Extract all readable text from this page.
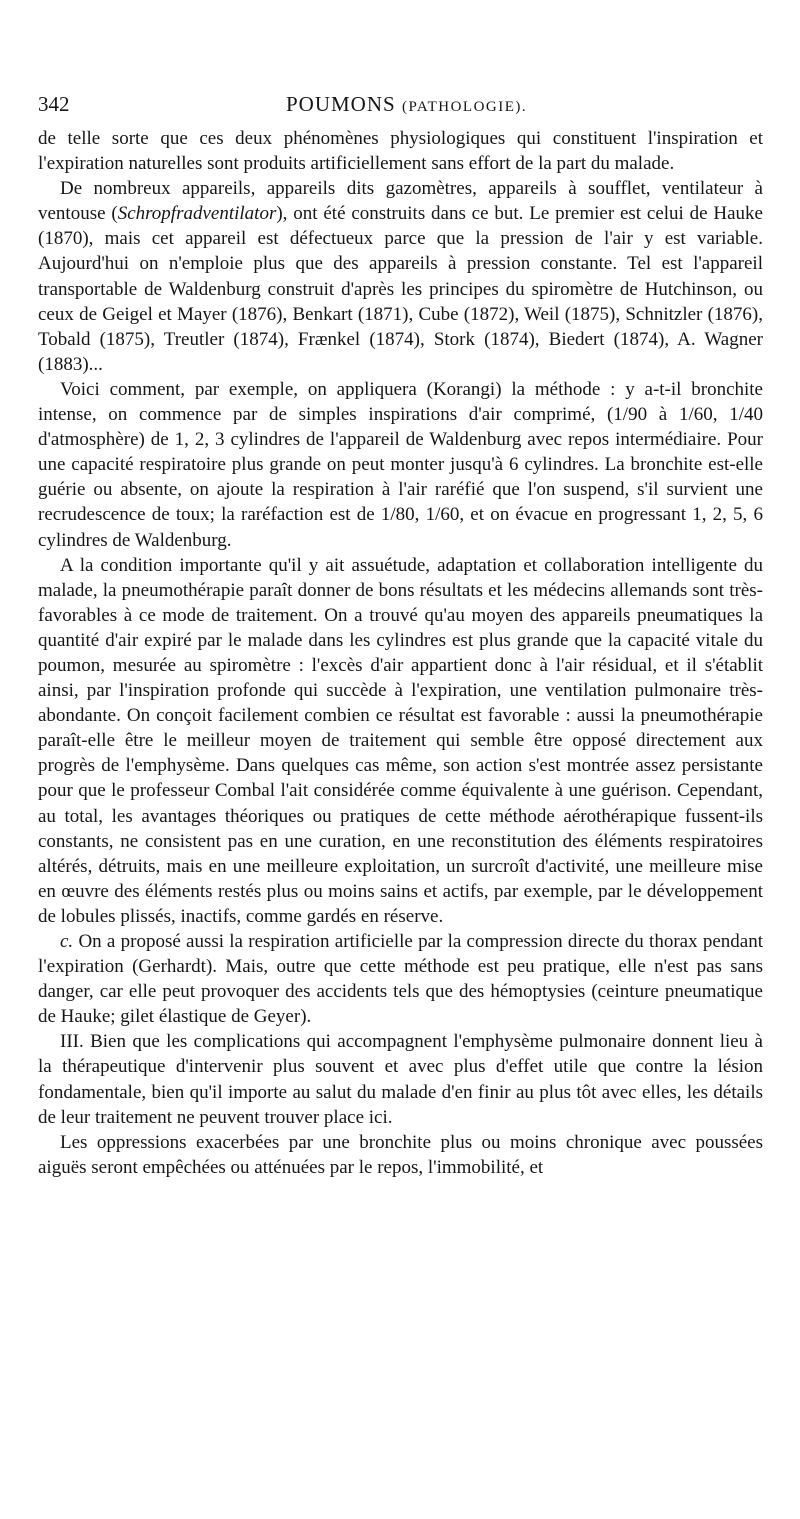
342	POUMONS (PATHOLOGIE).

de telle sorte que ces deux phénomènes physiologiques qui constituent l'inspiration et l'expiration naturelles sont produits artificiellement sans effort de la part du malade.

De nombreux appareils, appareils dits gazomètres, appareils à soufflet, ventilateur à ventouse (Schropfradventilator), ont été construits dans ce but. Le premier est celui de Hauke (1870), mais cet appareil est défectueux parce que la pression de l'air y est variable. Aujourd'hui on n'emploie plus que des appareils à pression constante. Tel est l'appareil transportable de Waldenburg construit d'après les principes du spiromètre de Hutchinson, ou ceux de Geigel et Mayer (1876), Benkart (1871), Cube (1872), Weil (1875), Schnitzler (1876), Tobald (1875), Treutler (1874), Frænkel (1874), Stork (1874), Biedert (1874), A. Wagner (1883)...

Voici comment, par exemple, on appliquera (Korangi) la méthode : y a-t-il bronchite intense, on commence par de simples inspirations d'air comprimé, (1/90 à 1/60, 1/40 d'atmosphère) de 1, 2, 3 cylindres de l'appareil de Waldenburg avec repos intermédiaire. Pour une capacité respiratoire plus grande on peut monter jusqu'à 6 cylindres. La bronchite est-elle guérie ou absente, on ajoute la respiration à l'air raréfié que l'on suspend, s'il survient une recrudescence de toux; la raréfaction est de 1/80, 1/60, et on évacue en progressant 1, 2, 5, 6 cylindres de Waldenburg.

A la condition importante qu'il y ait assuétude, adaptation et collaboration intelligente du malade, la pneumothérapie paraît donner de bons résultats et les médecins allemands sont très-favorables à ce mode de traitement. On a trouvé qu'au moyen des appareils pneumatiques la quantité d'air expiré par le malade dans les cylindres est plus grande que la capacité vitale du poumon, mesurée au spiromètre : l'excès d'air appartient donc à l'air résidual, et il s'établit ainsi, par l'inspiration profonde qui succède à l'expiration, une ventilation pulmonaire très-abondante. On conçoit facilement combien ce résultat est favorable : aussi la pneumothérapie paraît-elle être le meilleur moyen de traitement qui semble être opposé directement aux progrès de l'emphysème. Dans quelques cas même, son action s'est montrée assez persistante pour que le professeur Combal l'ait considérée comme équivalente à une guérison. Cependant, au total, les avantages théoriques ou pratiques de cette méthode aérothérapique fussent-ils constants, ne consistent pas en une curation, en une reconstitution des éléments respiratoires altérés, détruits, mais en une meilleure exploitation, un surcroît d'activité, une meilleure mise en œuvre des éléments restés plus ou moins sains et actifs, par exemple, par le développement de lobules plissés, inactifs, comme gardés en réserve.

c. On a proposé aussi la respiration artificielle par la compression directe du thorax pendant l'expiration (Gerhardt). Mais, outre que cette méthode est peu pratique, elle n'est pas sans danger, car elle peut provoquer des accidents tels que des hémoptysies (ceinture pneumatique de Hauke; gilet élastique de Geyer).

III. Bien que les complications qui accompagnent l'emphysème pulmonaire donnent lieu à la thérapeutique d'intervenir plus souvent et avec plus d'effet utile que contre la lésion fondamentale, bien qu'il importe au salut du malade d'en finir au plus tôt avec elles, les détails de leur traitement ne peuvent trouver place ici.

Les oppressions exacerbées par une bronchite plus ou moins chronique avec poussées aiguës seront empêchées ou atténuées par le repos, l'immobilité, et
